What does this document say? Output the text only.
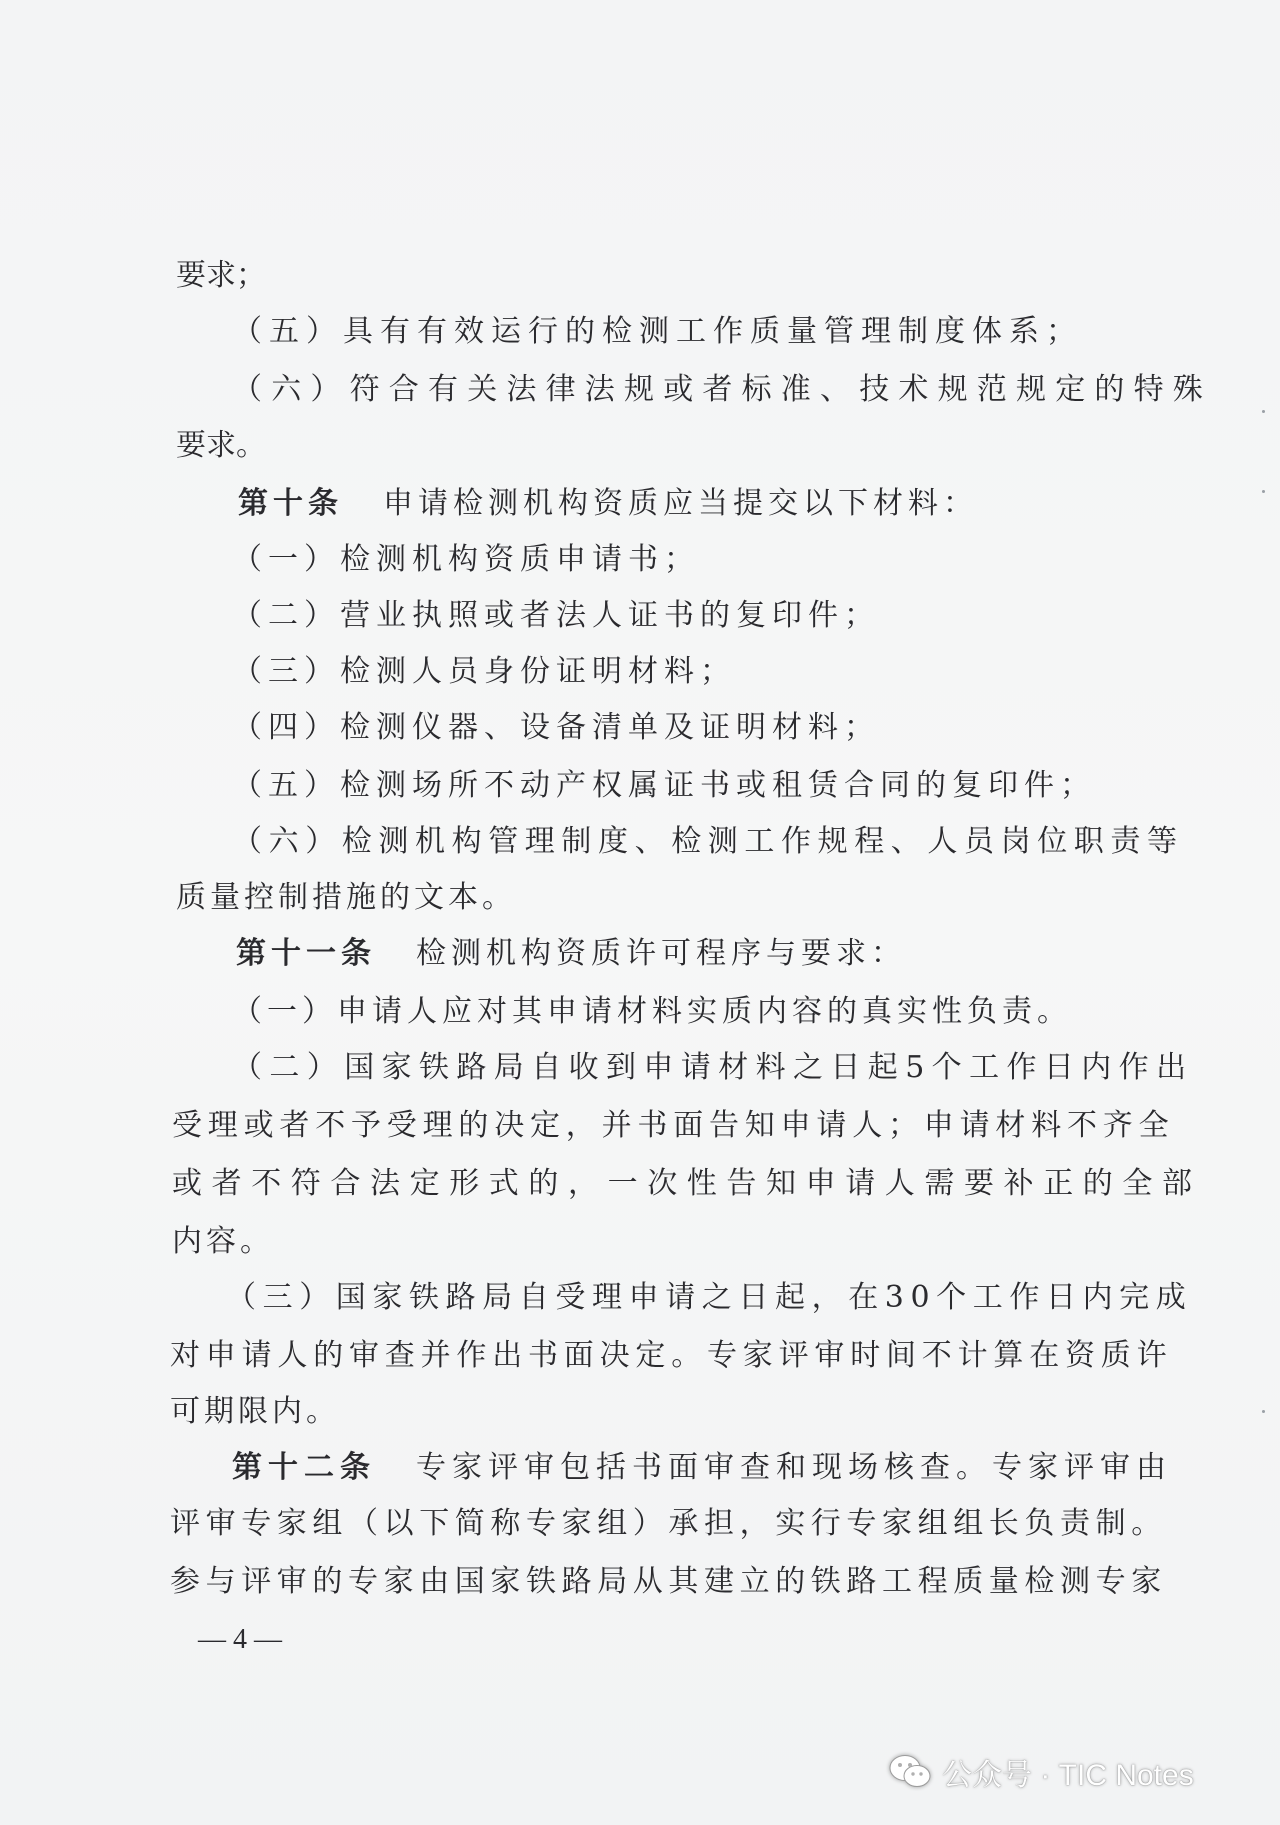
要求；
（五）具有有效运行的检测工作质量管理制度体系；
（六）符合有关法律法规或者标准、技术规范规定的特殊
要求。
第十条 申请检测机构资质应当提交以下材料：
（一）检测机构资质申请书；
（二）营业执照或者法人证书的复印件；
（三）检测人员身份证明材料；
（四）检测仪器、设备清单及证明材料；
（五）检测场所不动产权属证书或租赁合同的复印件；
（六）检测机构管理制度、检测工作规程、人员岗位职责等
质量控制措施的文本。
第十一条 检测机构资质许可程序与要求：
（一）申请人应对其申请材料实质内容的真实性负责。
（二）国家铁路局自收到申请材料之日起5个工作日内作出
受理或者不予受理的决定，并书面告知申请人；申请材料不齐全
或者不符合法定形式的，一次性告知申请人需要补正的全部
内容。
（三）国家铁路局自受理申请之日起，在30个工作日内完成
对申请人的审查并作出书面决定。专家评审时间不计算在资质许
可期限内。
第十二条 专家评审包括书面审查和现场核查。专家评审由
评审专家组（以下简称专家组）承担，实行专家组组长负责制。
参与评审的专家由国家铁路局从其建立的铁路工程质量检测专家
— 4 —
公众号 · TIC Notes
